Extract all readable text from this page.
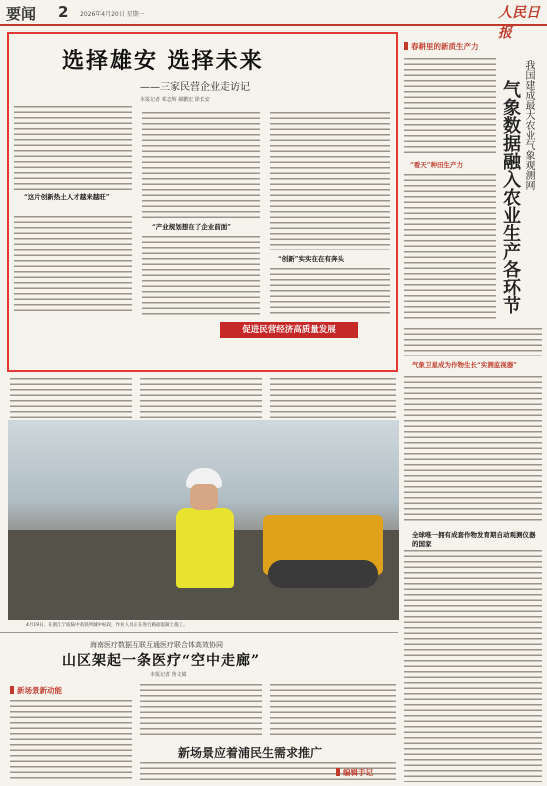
要闻 2 2026年4月20日 星期一	人民日报
选择雄安 选择未来
——三家民营企业走访记
本报记者 邓志辉 郝鹏宏 徐长安
“这片创新热土人才越来越旺”
“产业规划想在了企业前面”
“创新”实实在在有奔头
促进民营经济高质量发展
4月19日，在浙江宁波陆中高铁所城中标段，作业人员正在进行路面混凝土施工。
春耕里的新质生产力
我国建成最大农业气象观测网
气象数据融入农业生产各环节
“看天”种田生产力
气象卫星成为作物生长“实测监视器”
全球唯一拥有成套作物发育期自动观测仪器的国家
海南医疗数据互联互通医疗联合体高效协同
山区架起一条医疗“空中走廊”
本报记者 鲁文婧
新场景新动能
新场景应着浦民生需求推广
编辑手记
